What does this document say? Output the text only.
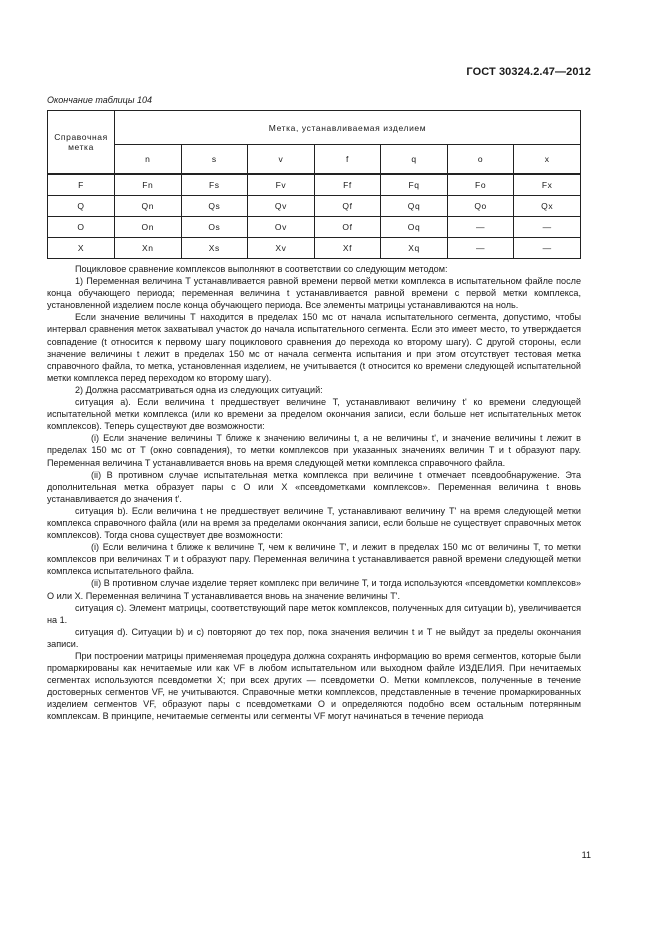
ГОСТ 30324.2.47—2012
Окончание таблицы 104
Справочная метка	Метка, устанавливаемая изделием						
	n	s	v	f	q	o	x
F	Fn	Fs	Fv	Ff	Fq	Fo	Fx
Q	Qn	Qs	Qv	Qf	Qq	Qo	Qx
O	On	Os	Ov	Of	Oq	—	—
X	Xn	Xs	Xv	Xf	Xq	—	—

Поцикловое сравнение комплексов выполняют в соответствии со следующим методом:

1) Переменная величина T устанавливается равной времени первой метки комплекса в испытательном файле после конца обучающего периода; переменная величина t устанавливается равной времени с первой метки комплекса, установленной изделием после конца обучающего периода. Все элементы матрицы устанавливаются на ноль.

Если значение величины T находится в пределах 150 мс от начала испытательного сегмента, допустимо, чтобы интервал сравнения меток захватывал участок до начала испытательного сегмента. Если это имеет место, то утверждается совпадение (t относится к первому шагу поциклового сравнения до перехода ко второму шагу). С другой стороны, если значение величины t лежит в пределах 150 мс от начала сегмента испытания и при этом отсутствует тестовая метка справочного файла, то метка, установленная изделием, не учитывается (t относится ко времени следующей испытательной метки комплекса перед переходом ко второму шагу).

2) Должна рассматриваться одна из следующих ситуаций:

ситуация а). Если величина t предшествует величине T, устанавливают величину t' ко времени следующей испытательной метки комплекса (или ко времени за пределом окончания записи, если больше нет испытательных меток комплексов). Теперь существуют две возможности:

(i) Если значение величины T ближе к значению величины t, а не величины t', и значение величины t лежит в пределах 150 мс от T (окно совпадения), то метки комплексов при указанных значениях величин T и t образуют пару. Переменная величина T устанавливается вновь на время следующей метки комплекса справочного файла.

(ii) В противном случае испытательная метка комплекса при величине t отмечает псевдообнаружение. Эта дополнительная метка образует пары с O или X «псевдометками комплексов». Переменная величина t вновь устанавливается до значения t'.

ситуация b). Если величина t не предшествует величине T, устанавливают величину T' на время следующей метки комплекса справочного файла (или на время за пределами окончания записи, если больше не существует справочных меток комплексов). Тогда снова существует две возможности:

(i) Если величина t ближе к величине T, чем к величине T', и лежит в пределах 150 мс от величины T, то метки комплексов при величинах T и t образуют пару. Переменная величина t устанавливается равной времени следующей метки комплекса испытательного файла.

(ii) В противном случае изделие теряет комплекс при величине T, и тогда используются «псевдометки комплексов» O или X. Переменная величина T устанавливается вновь на значение величины T'.

ситуация с). Элемент матрицы, соответствующий паре меток комплексов, полученных для ситуации b), увеличивается на 1.

ситуация d). Ситуации b) и c) повторяют до тех пор, пока значения величин t и T не выйдут за пределы окончания записи.

При построении матрицы применяемая процедура должна сохранять информацию во время сегментов, которые были промаркированы как нечитаемые или как VF в любом испытательном или выходном файле ИЗДЕЛИЯ. При нечитаемых сегментах используются псевдометки X; при всех других — псевдометки O. Метки комплексов, полученные в течение достоверных сегментов VF, не учитываются. Справочные метки комплексов, представленные в течение промаркированных изделием сегментов VF, образуют пары с псевдометками O и определяются подобно всем остальным потерянным комплексам. В принципе, нечитаемые сегменты или сегменты VF могут начинаться в течение периода

11
